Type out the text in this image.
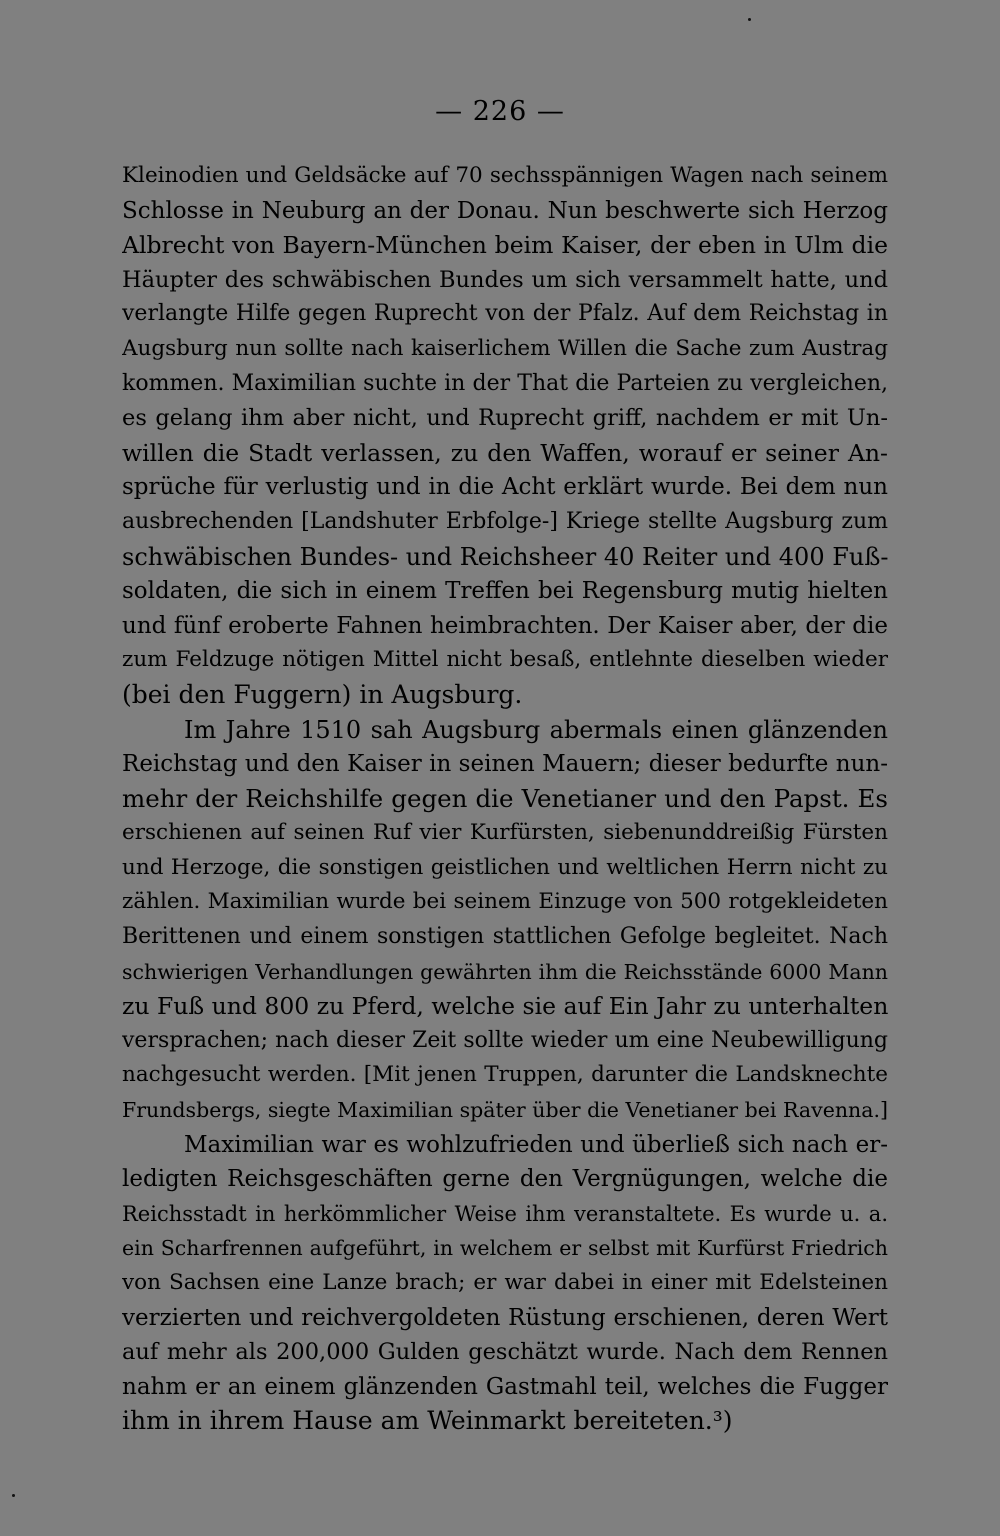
— 226 —
Kleinodien und Geldsäcke auf 70 sechsspännigen Wagen nach seinem
Schlosse in Neuburg an der Donau. Nun beschwerte sich Herzog
Albrecht von Bayern-München beim Kaiser, der eben in Ulm die
Häupter des schwäbischen Bundes um sich versammelt hatte, und
verlangte Hilfe gegen Ruprecht von der Pfalz. Auf dem Reichstag in
Augsburg nun sollte nach kaiserlichem Willen die Sache zum Austrag
kommen. Maximilian suchte in der That die Parteien zu vergleichen,
es gelang ihm aber nicht, und Ruprecht griff, nachdem er mit Un-
willen die Stadt verlassen, zu den Waffen, worauf er seiner An-
sprüche für verlustig und in die Acht erklärt wurde. Bei dem nun
ausbrechenden [Landshuter Erbfolge-] Kriege stellte Augsburg zum
schwäbischen Bundes- und Reichsheer 40 Reiter und 400 Fuß-
soldaten, die sich in einem Treffen bei Regensburg mutig hielten
und fünf eroberte Fahnen heimbrachten. Der Kaiser aber, der die
zum Feldzuge nötigen Mittel nicht besaß, entlehnte dieselben wieder
(bei den Fuggern) in Augsburg.
Im Jahre 1510 sah Augsburg abermals einen glänzenden
Reichstag und den Kaiser in seinen Mauern; dieser bedurfte nun-
mehr der Reichshilfe gegen die Venetianer und den Papst. Es
erschienen auf seinen Ruf vier Kurfürsten, siebenunddreißig Fürsten
und Herzoge, die sonstigen geistlichen und weltlichen Herrn nicht zu
zählen. Maximilian wurde bei seinem Einzuge von 500 rotgekleideten
Berittenen und einem sonstigen stattlichen Gefolge begleitet. Nach
schwierigen Verhandlungen gewährten ihm die Reichsstände 6000 Mann
zu Fuß und 800 zu Pferd, welche sie auf Ein Jahr zu unterhalten
versprachen; nach dieser Zeit sollte wieder um eine Neubewilligung
nachgesucht werden. [Mit jenen Truppen, darunter die Landsknechte
Frundsbergs, siegte Maximilian später über die Venetianer bei Ravenna.]
Maximilian war es wohlzufrieden und überließ sich nach er-
ledigten Reichsgeschäften gerne den Vergnügungen, welche die
Reichsstadt in herkömmlicher Weise ihm veranstaltete. Es wurde u. a.
ein Scharfrennen aufgeführt, in welchem er selbst mit Kurfürst Friedrich
von Sachsen eine Lanze brach; er war dabei in einer mit Edelsteinen
verzierten und reichvergoldeten Rüstung erschienen, deren Wert
auf mehr als 200,000 Gulden geschätzt wurde. Nach dem Rennen
nahm er an einem glänzenden Gastmahl teil, welches die Fugger
ihm in ihrem Hause am Weinmarkt bereiteten.³)
